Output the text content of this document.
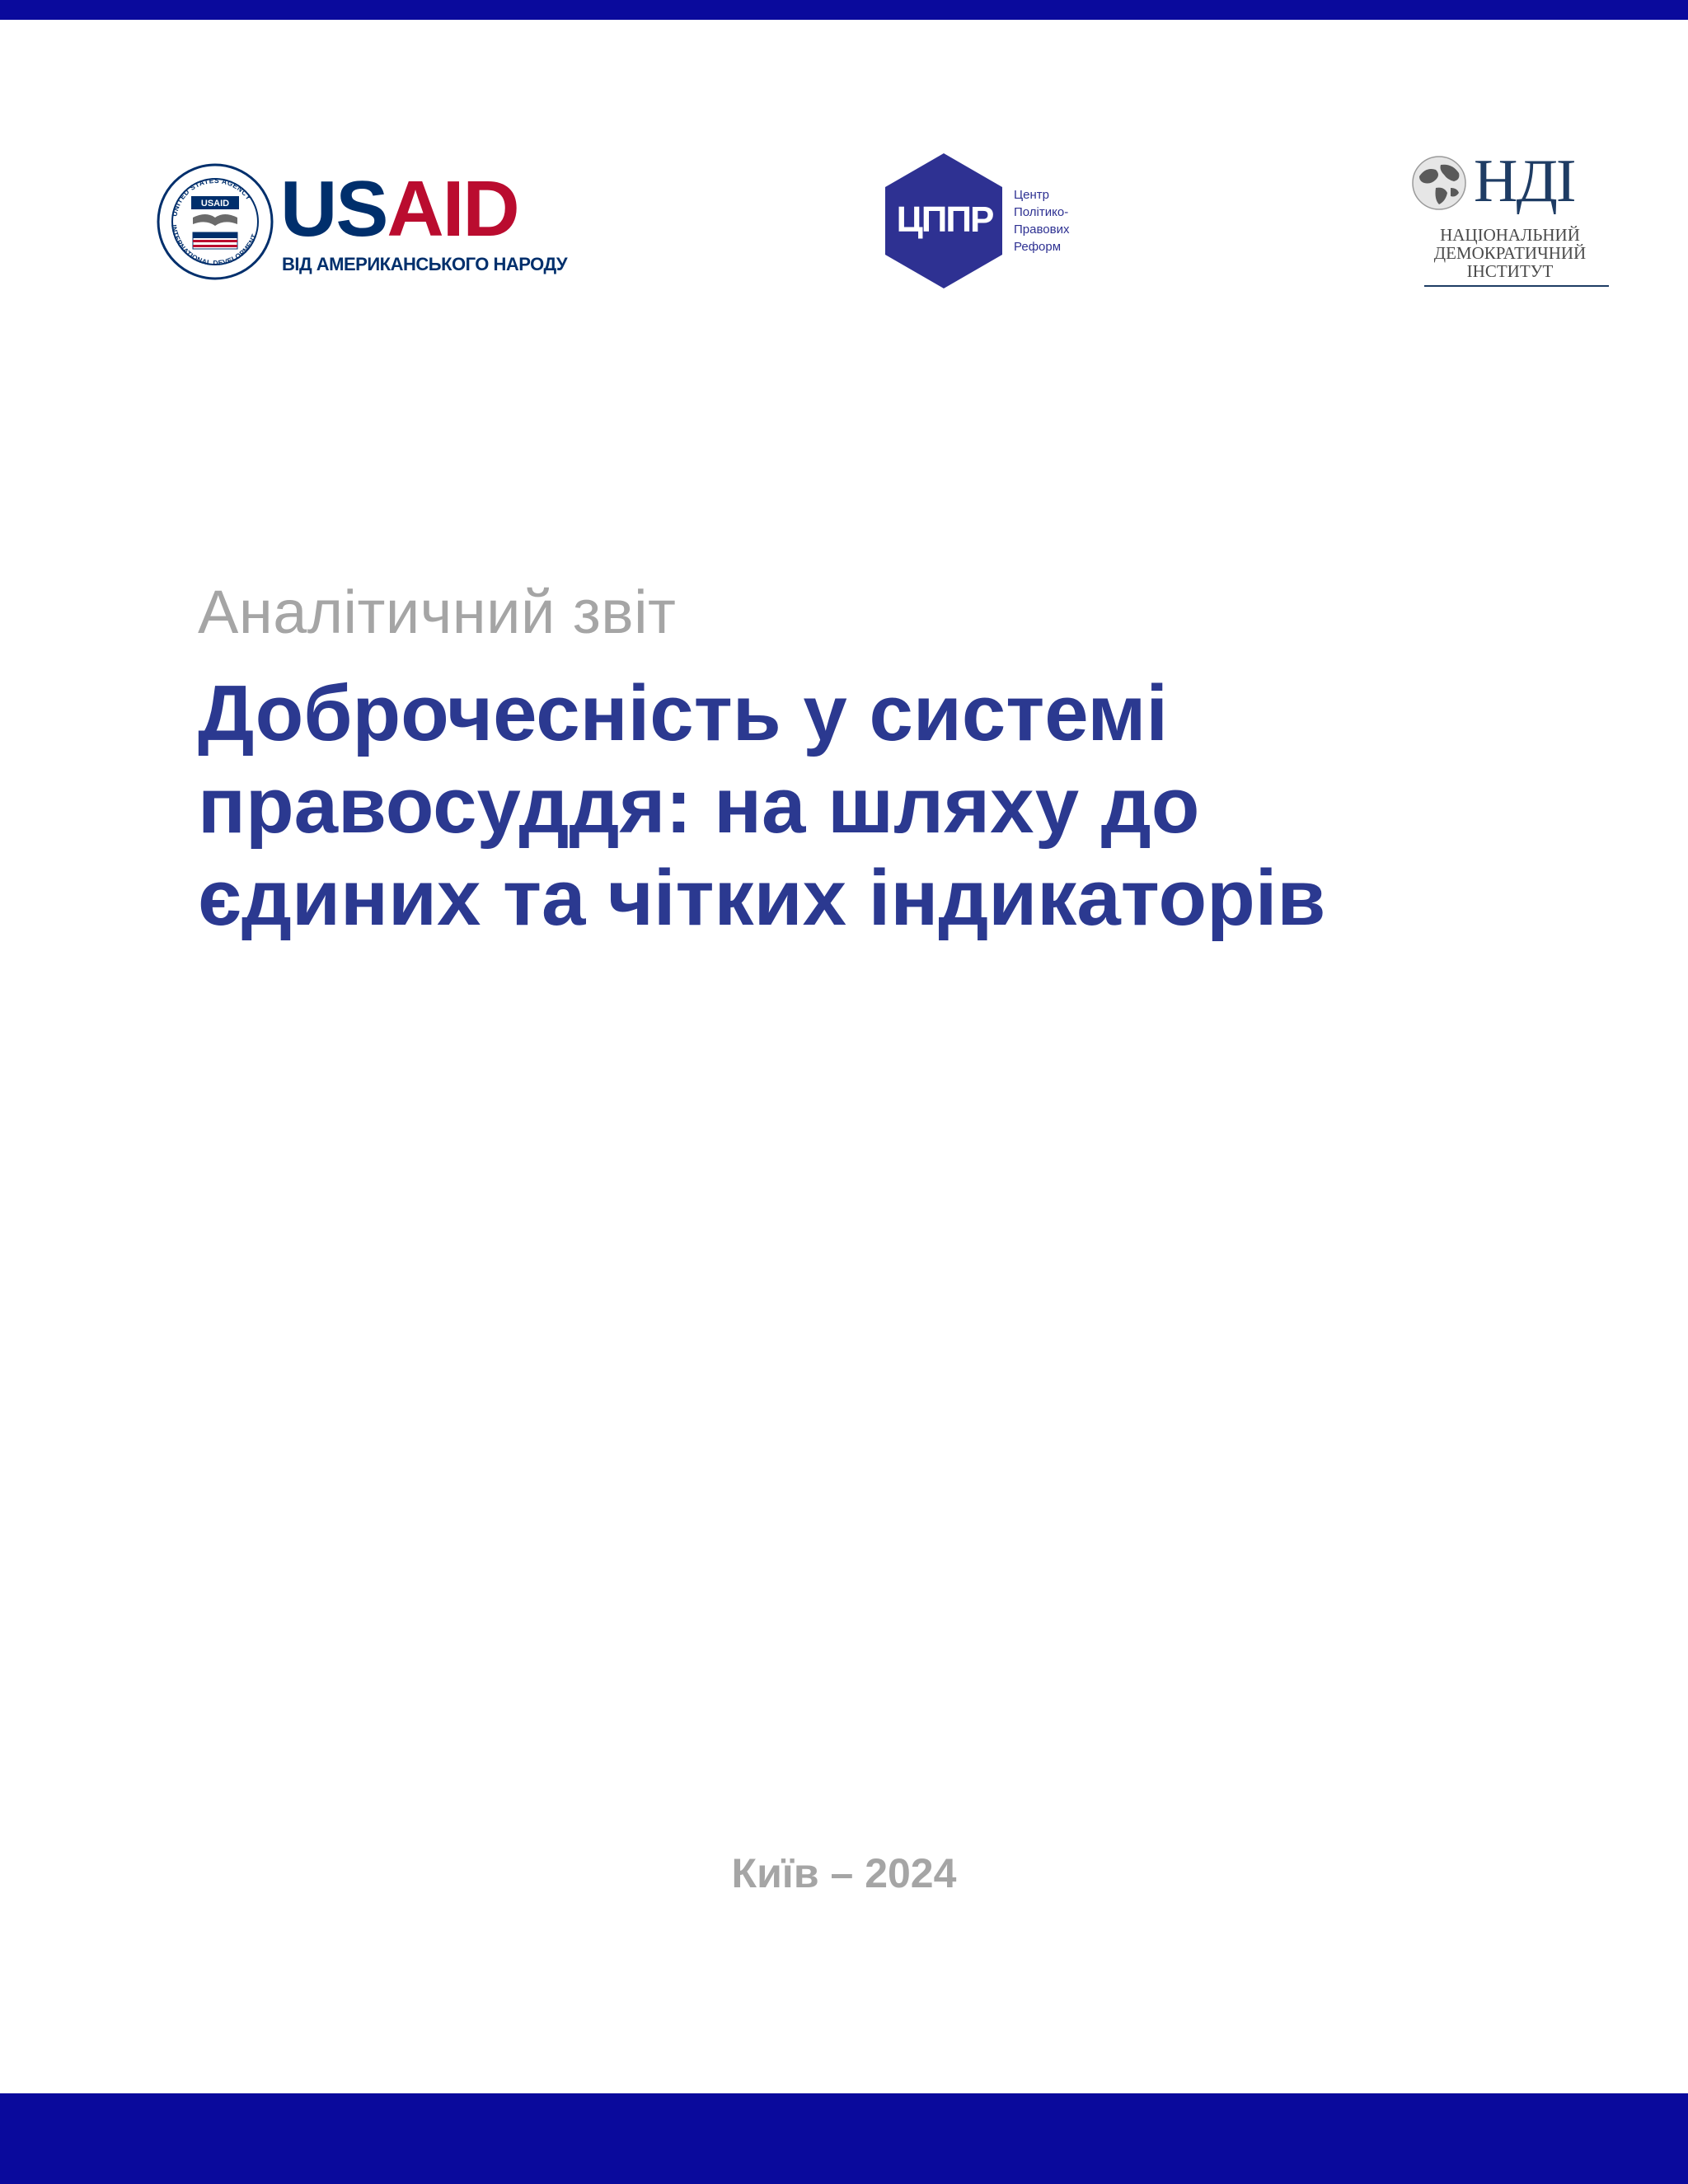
UNITED STATES AGENCY
INTERNATIONAL DEVELOPMENT
USAID USAID
ВІД АМЕРИКАНСЬКОГО НАРОДУ
ЦППР
Центр
Політико-
Правових
Реформ
НДІ
НАЦІОНАЛЬНИЙ
ДЕМОКРАТИЧНИЙ
ІНСТИТУТ
Аналітичний звіт
Доброчесність у системі
правосуддя: на шляху до
єдиних та чітких індикаторів
Київ – 2024
